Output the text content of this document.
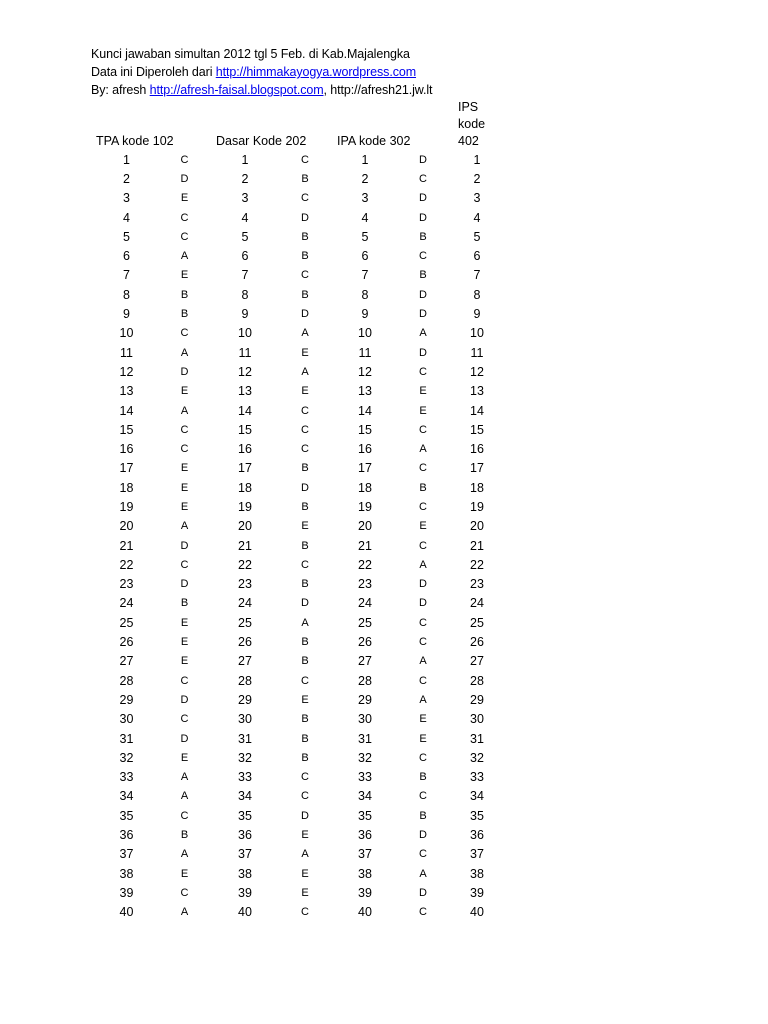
Kunci jawaban simultan 2012 tgl 5 Feb. di Kab.Majalengka
Data ini Diperoleh dari http://himmakayogya.wordpress.com
By: afresh http://afresh-faisal.blogspot.com, http://afresh21.jw.lt
TPA kode 102	Dasar Kode 202 IPA kode 302
IPS
kode
402
1	C	1	C	1	D	1
2	D	2	B	2	C	2
3	E	3	C	3	D	3
4	C	4	D	4	D	4
5	C	5	B	5	B	5
6	A	6	B	6	C	6
7	E	7	C	7	B	7
8	B	8	B	8	D	8
9	B	9	D	9	D	9
10	C	10	A	10	A	10
11	A	11	E	11	D	11
12	D	12	A	12	C	12
13	E	13	E	13	E	13
14	A	14	C	14	E	14
15	C	15	C	15	C	15
16	C	16	C	16	A	16
17	E	17	B	17	C	17
18	E	18	D	18	B	18
19	E	19	B	19	C	19
20	A	20	E	20	E	20
21	D	21	B	21	C	21
22	C	22	C	22	A	22
23	D	23	B	23	D	23
24	B	24	D	24	D	24
25	E	25	A	25	C	25
26	E	26	B	26	C	26
27	E	27	B	27	A	27
28	C	28	C	28	C	28
29	D	29	E	29	A	29
30	C	30	B	30	E	30
31	D	31	B	31	E	31
32	E	32	B	32	C	32
33	A	33	C	33	B	33
34	A	34	C	34	C	34
35	C	35	D	35	B	35
36	B	36	E	36	D	36
37	A	37	A	37	C	37
38	E	38	E	38	A	38
39	C	39	E	39	D	39
40	A	40	C	40	C	40
